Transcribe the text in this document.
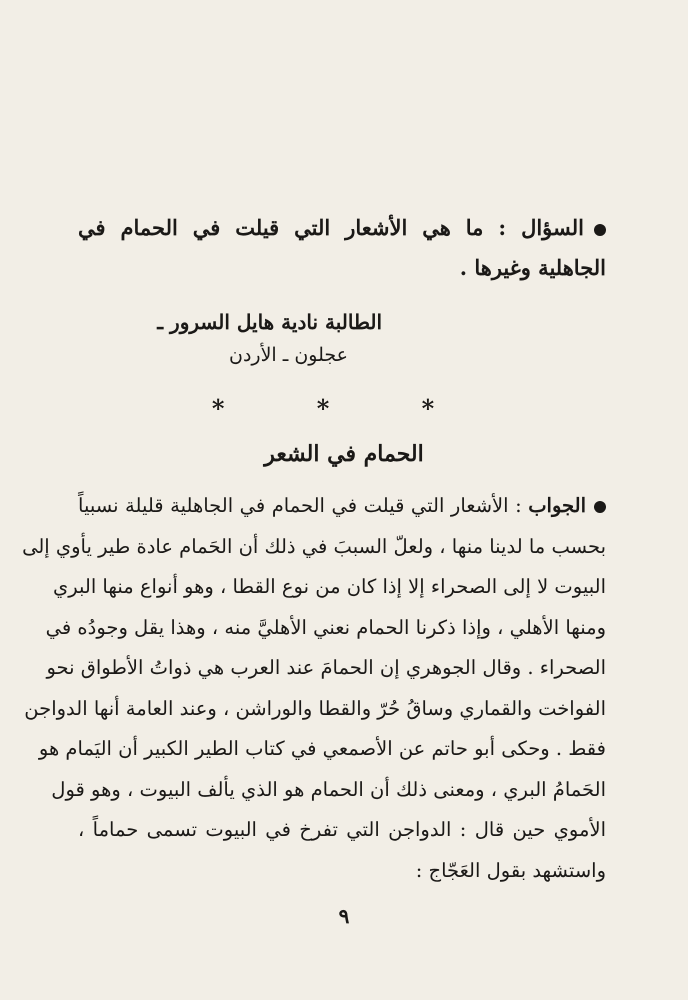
السؤال : ما هي الأشعار التي قيلت في الحمام في الجاهلية وغيرها .
الطالبة نادية هايل السرور ـ
عجلون ـ الأردن
* * *
الحمام في الشعر
الجواب : الأشعار التي قيلت في الحمام في الجاهلية قليلة نسبياً
بحسب ما لدينا منها ، ولعلّ السببَ في ذلك أن الحَمام عادة طير يأوي إلى
البيوت لا إلى الصحراء إلا إذا كان من نوع القطا ، وهو أنواع منها البري
ومنها الأهلي ، وإذا ذكرنا الحمام نعني الأهليَّ منه ، وهذا يقل وجودُه في
الصحراء . وقال الجوهري إن الحمامَ عند العرب هي ذواتُ الأطواق نحو
الفواخت والقماري وساقُ حُرّ والقطا والوراشن ، وعند العامة أنها الدواجن
فقط . وحكى أبو حاتم عن الأصمعي في كتاب الطير الكبير أن اليَمام هو
الحَمامُ البري ، ومعنى ذلك أن الحمام هو الذي يألف البيوت ، وهو قول
الأموي حين قال : الدواجن التي تفرخ في البيوت تسمى حماماً ،
واستشهد بقول العَجّاج :
٩
